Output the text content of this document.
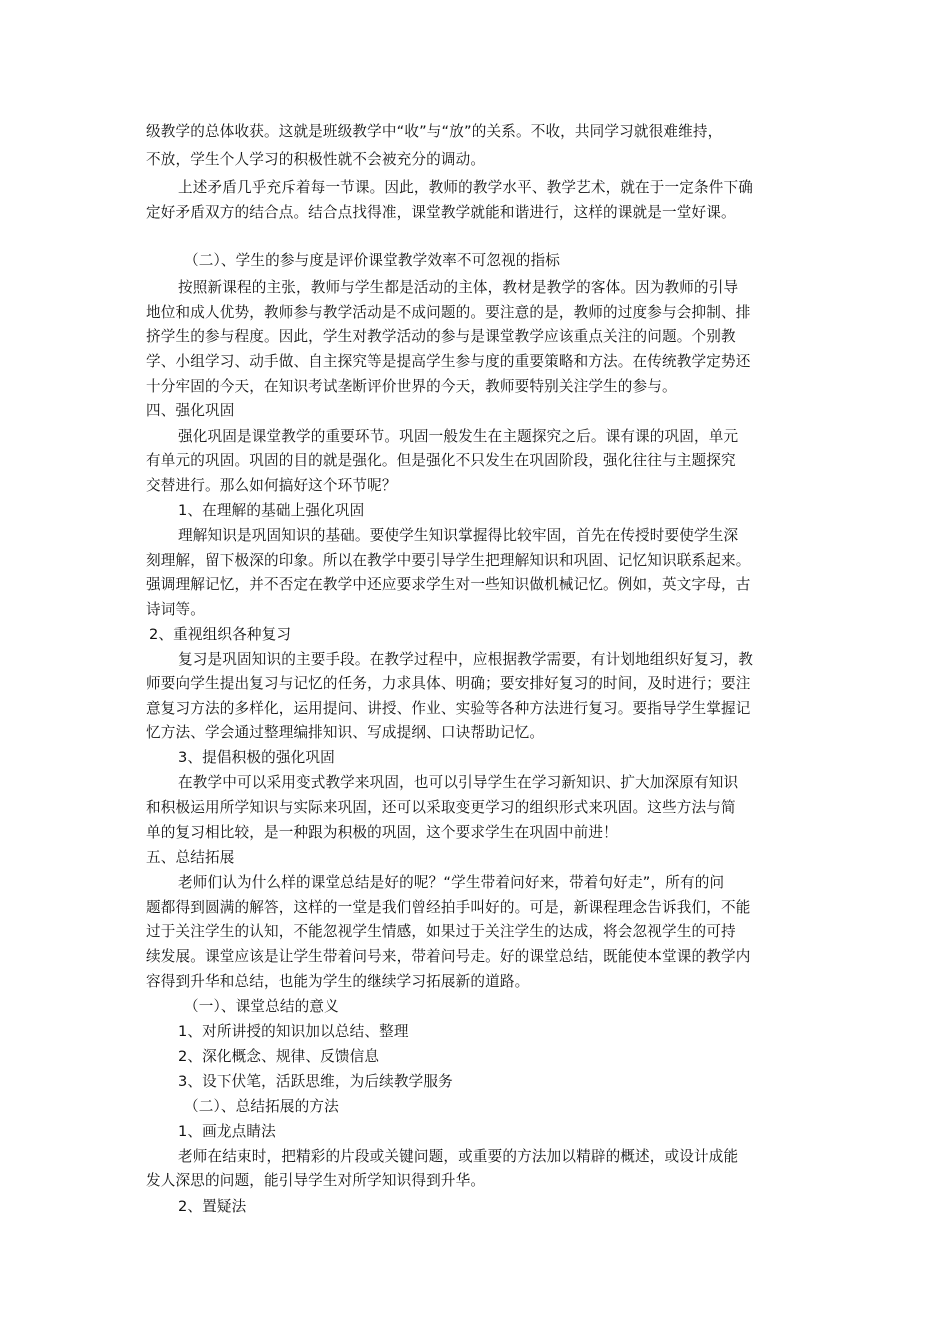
级教学的总体收获。这就是班级教学中“收”与“放”的关系。不收，共同学习就很难维持，
不放，学生个人学习的积极性就不会被充分的调动。
上述矛盾几乎充斥着每一节课。因此，教师的教学水平、教学艺术，就在于一定条件下确
定好矛盾双方的结合点。结合点找得准，课堂教学就能和谐进行，这样的课就是一堂好课。
（二）、学生的参与度是评价课堂教学效率不可忽视的指标
按照新课程的主张，教师与学生都是活动的主体，教材是教学的客体。因为教师的引导
地位和成人优势，教师参与教学活动是不成问题的。要注意的是，教师的过度参与会抑制、排
挤学生的参与程度。因此，学生对教学活动的参与是课堂教学应该重点关注的问题。个别教
学、小组学习、动手做、自主探究等是提高学生参与度的重要策略和方法。在传统教学定势还
十分牢固的今天，在知识考试垄断评价世界的今天，教师要特别关注学生的参与。
四、强化巩固
强化巩固是课堂教学的重要环节。巩固一般发生在主题探究之后。课有课的巩固，单元
有单元的巩固。巩固的目的就是强化。但是强化不只发生在巩固阶段，强化往往与主题探究
交替进行。那么如何搞好这个环节呢？
1、在理解的基础上强化巩固
理解知识是巩固知识的基础。要使学生知识掌握得比较牢固，首先在传授时要使学生深
刻理解，留下极深的印象。所以在教学中要引导学生把理解知识和巩固、记忆知识联系起来。
强调理解记忆，并不否定在教学中还应要求学生对一些知识做机械记忆。例如，英文字母，古
诗词等。
2、重视组织各种复习
复习是巩固知识的主要手段。在教学过程中，应根据教学需要，有计划地组织好复习，教
师要向学生提出复习与记忆的任务，力求具体、明确；要安排好复习的时间，及时进行；要注
意复习方法的多样化，运用提问、讲授、作业、实验等各种方法进行复习。要指导学生掌握记
忆方法、学会通过整理编排知识、写成提纲、口诀帮助记忆。
3、提倡积极的强化巩固
在教学中可以采用变式教学来巩固，也可以引导学生在学习新知识、扩大加深原有知识
和积极运用所学知识与实际来巩固，还可以采取变更学习的组织形式来巩固。这些方法与简
单的复习相比较，是一种跟为积极的巩固，这个要求学生在巩固中前进！
五、总结拓展
老师们认为什么样的课堂总结是好的呢？“学生带着问好来，带着句好走”，所有的问
题都得到圆满的解答，这样的一堂是我们曾经拍手叫好的。可是，新课程理念告诉我们，不能
过于关注学生的认知，不能忽视学生情感，如果过于关注学生的达成，将会忽视学生的可持
续发展。课堂应该是让学生带着问号来，带着问号走。好的课堂总结，既能使本堂课的教学内
容得到升华和总结，也能为学生的继续学习拓展新的道路。
（一）、课堂总结的意义
1、对所讲授的知识加以总结、整理
2、深化概念、规律、反馈信息
3、设下伏笔，活跃思维，为后续教学服务
（二）、总结拓展的方法
1、画龙点睛法
老师在结束时，把精彩的片段或关键问题，或重要的方法加以精辟的概述，或设计成能
发人深思的问题，能引导学生对所学知识得到升华。
2、置疑法
